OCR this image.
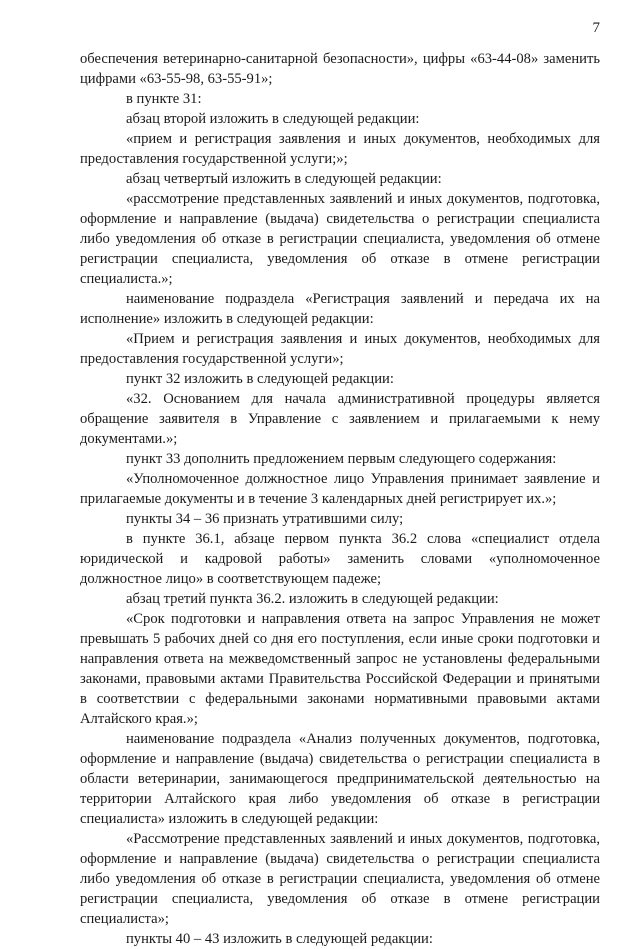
7

обеспечения ветеринарно-санитарной безопасности», цифры «63-44-08» заменить цифрами «63-55-98, 63-55-91»;

в пункте 31:

абзац второй изложить в следующей редакции:

«прием и регистрация заявления и иных документов, необходимых для предоставления государственной услуги;»;

абзац четвертый изложить в следующей редакции:

«рассмотрение представленных заявлений и иных документов, подготовка, оформление и направление (выдача) свидетельства о регистрации специалиста либо уведомления об отказе в регистрации специалиста, уведомления об отмене регистрации специалиста, уведомления об отказе в отмене регистрации специалиста.»;

наименование подраздела «Регистрация заявлений и передача их на исполнение» изложить в следующей редакции:

«Прием и регистрация заявления и иных документов, необходимых для предоставления государственной услуги»;

пункт 32 изложить в следующей редакции:

«32. Основанием для начала административной процедуры является обращение заявителя в Управление с заявлением и прилагаемыми к нему документами.»;

пункт 33 дополнить предложением первым следующего содержания:

«Уполномоченное должностное лицо Управления принимает заявление и прилагаемые документы и в течение 3 календарных дней регистрирует их.»;

пункты 34 – 36 признать утратившими силу;

в пункте 36.1, абзаце первом пункта 36.2 слова «специалист отдела юридической и кадровой работы» заменить словами «уполномоченное должностное лицо» в соответствующем падеже;

абзац третий пункта 36.2. изложить в следующей редакции:

«Срок подготовки и направления ответа на запрос Управления не может превышать 5 рабочих дней со дня его поступления, если иные сроки подготовки и направления ответа на межведомственный запрос не установлены федеральными законами, правовыми актами Правительства Российской Федерации и принятыми в соответствии с федеральными законами нормативными правовыми актами Алтайского края.»;

наименование подраздела «Анализ полученных документов, подготовка, оформление и направление (выдача) свидетельства о регистрации специалиста в области ветеринарии, занимающегося предпринимательской деятельностью на территории Алтайского края либо уведомления об отказе в регистрации специалиста» изложить в следующей редакции:

«Рассмотрение представленных заявлений и иных документов, подготовка, оформление и направление (выдача) свидетельства о регистрации специалиста либо уведомления об отказе в регистрации специалиста, уведомления об отмене регистрации специалиста, уведомления об отказе в отмене регистрации специалиста»;

пункты 40 – 43 изложить в следующей редакции:
